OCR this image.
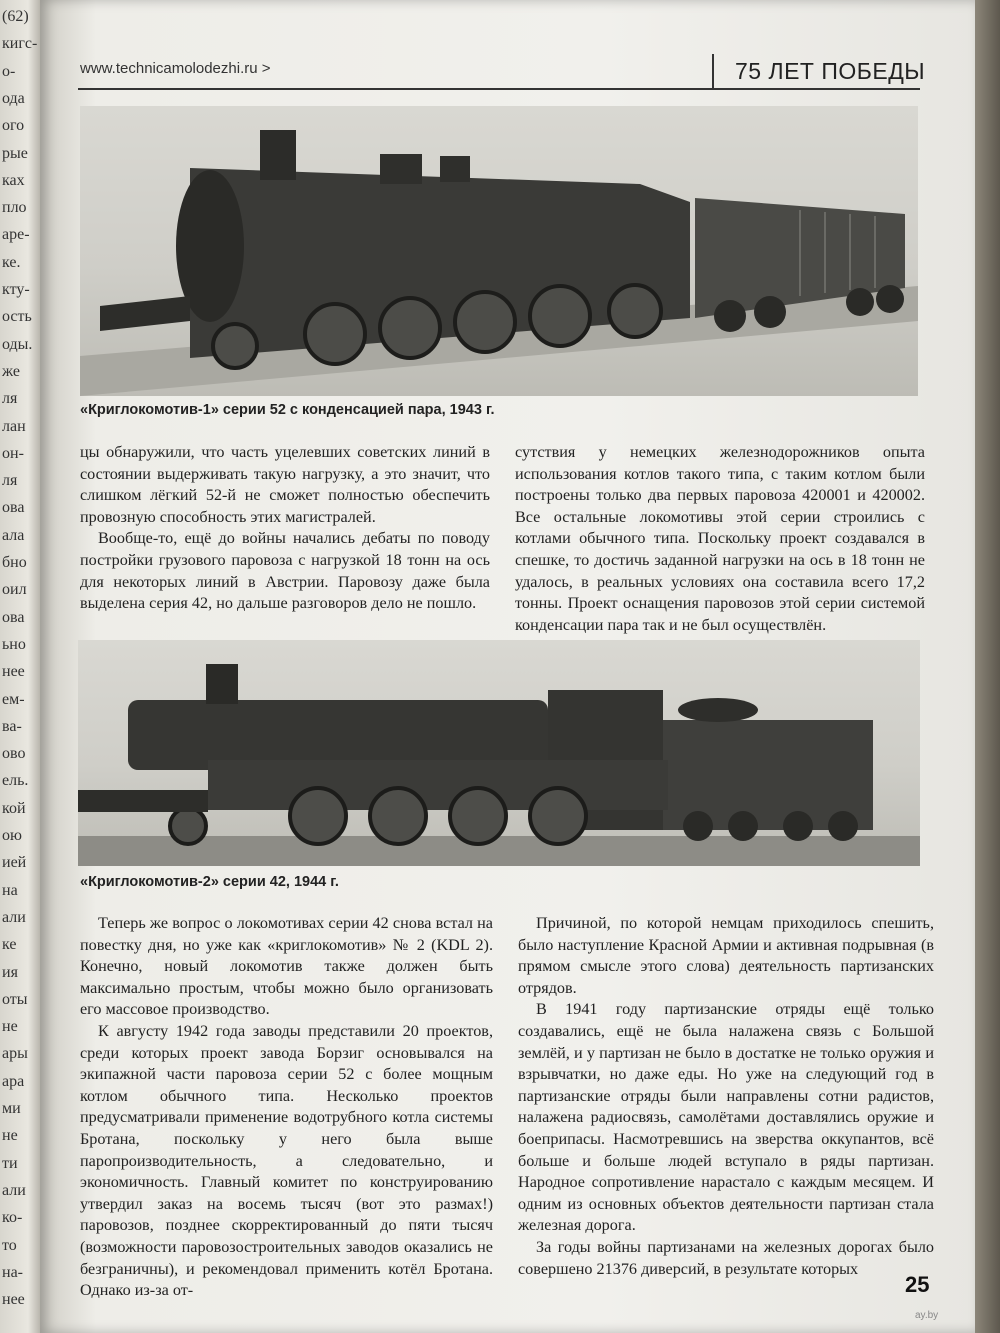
(62)
кигс-
о-
ода
ого
рые
ках
пло
аре-
ке.
кту-
ость
оды.
же
ля
лан
он-
ля
ова
ала
бно
оил
ова
ьно
нее
ем-
ва-
ово
ель.
кой
ою
ией
на
али
ке
ия
оты
не
ары
ара
ми
не
ти
али
ко-
то
на-
нее
www.technicamolodezhi.ru >	75 ЛЕТ ПОБЕДЫ
«Криглокомотив-1» серии 52 с конденсацией пара, 1943 г.

цы обнаружили, что часть уцелевших советских линий в состоянии выдерживать такую нагрузку, а это значит, что слишком лёгкий 52-й не сможет полностью обеспечить провозную способность этих магистралей.

Вообще-то, ещё до войны начались дебаты по поводу постройки грузового паровоза с нагрузкой 18 тонн на ось для некоторых линий в Австрии. Паровозу даже была выделена серия 42, но дальше разговоров дело не пошло.

сутствия у немецких железнодорожников опыта использования котлов такого типа, с таким котлом были построены только два первых паровоза 420001 и 420002. Все остальные локомотивы этой серии строились с котлами обычного типа. Поскольку проект создавался в спешке, то достичь заданной нагрузки на ось в 18 тонн не удалось, в реальных условиях она составила всего 17,2 тонны. Проект оснащения паровозов этой серии системой конденсации пара так и не был осуществлён.

«Криглокомотив-2» серии 42, 1944 г.

Теперь же вопрос о локомотивах серии 42 снова встал на повестку дня, но уже как «криглокомотив» № 2 (KDL 2). Конечно, новый локомотив также должен быть максимально простым, чтобы можно было организовать его массовое производство.

К августу 1942 года заводы представили 20 проектов, среди которых проект завода Борзиг основывался на экипажной части паровоза серии 52 с более мощным котлом обычного типа. Несколько проектов предусматривали применение водотрубного котла системы Бротана, поскольку у него была выше паропроизводительность, а следовательно, и экономичность. Главный комитет по конструированию утвердил заказ на восемь тысяч (вот это размах!) паровозов, позднее скорректированный до пяти тысяч (возможности паровозостроительных заводов оказались не безграничны), и рекомендовал применить котёл Бротана. Однако из-за от-

Причиной, по которой немцам приходилось спешить, было наступление Красной Армии и активная подрывная (в прямом смысле этого слова) деятельность партизанских отрядов.

В 1941 году партизанские отряды ещё только создавались, ещё не была налажена связь с Большой землёй, и у партизан не было в достатке не только оружия и взрывчатки, но даже еды. Но уже на следующий год в партизанские отряды были направлены сотни радистов, налажена радиосвязь, самолётами доставлялись оружие и боеприпасы. Насмотревшись на зверства оккупантов, всё больше и больше людей вступало в ряды партизан. Народное сопротивление нарастало с каждым месяцем. И одним из основных объектов деятельности партизан стала железная дорога.

За годы войны партизанами на железных дорогах было совершено 21376 диверсий, в результате которых

25
ay.by
